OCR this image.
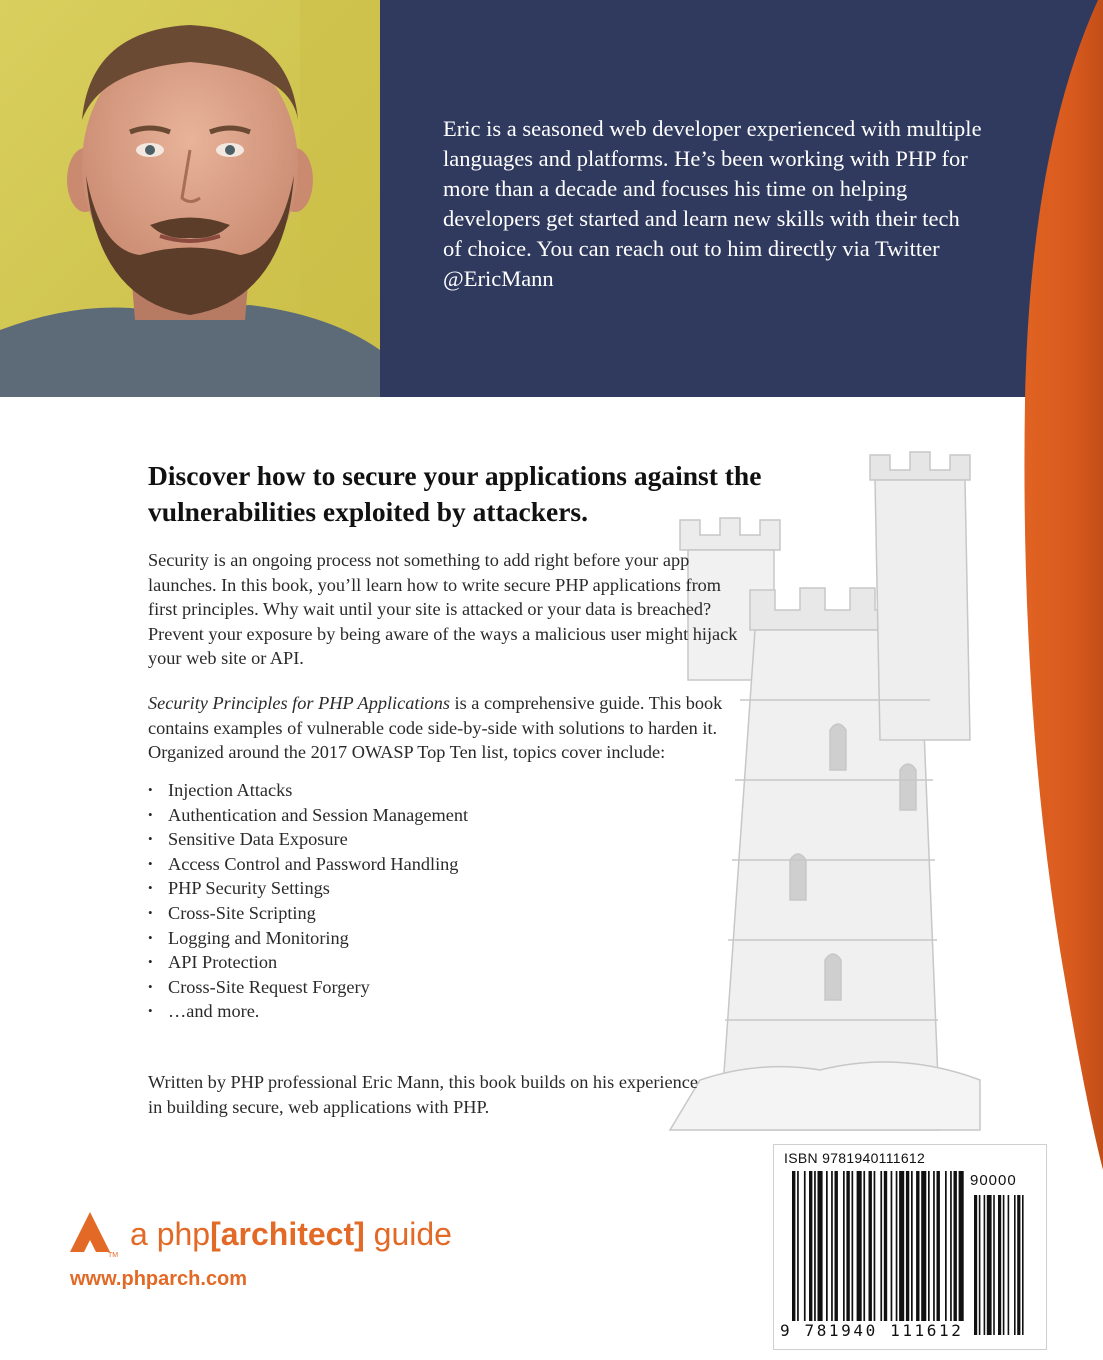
Eric is a seasoned web developer experienced with multiple languages and platforms. He’s been working with PHP for more than a decade and focuses his time on helping developers get started and learn new skills with their tech of choice. You can reach out to him directly via Twitter @EricMann

Discover how to secure your applications against the vulnerabilities exploited by attackers.

Security is an ongoing process not something to add right before your app launches. In this book, you’ll learn how to write secure PHP applications from first principles. Why wait until your site is attacked or your data is breached? Prevent your exposure by being aware of the ways a malicious user might hijack your web site or API.

Security Principles for PHP Applications is a comprehensive guide. This book contains examples of vulnerable code side-by-side with solutions to harden it. Organized around the 2017 OWASP Top Ten list, topics cover include:

• Injection Attacks
• Authentication and Session Management
• Sensitive Data Exposure
• Access Control and Password Handling
• PHP Security Settings
• Cross-Site Scripting
• Logging and Monitoring
• API Protection
• Cross-Site Request Forgery
• …and more.

Written by PHP professional Eric Mann, this book builds on his experience in building secure, web applications with PHP.

TM
a php[architect] guide
www.phparch.com
ISBN 9781940111612
90000
9 781940 111612
